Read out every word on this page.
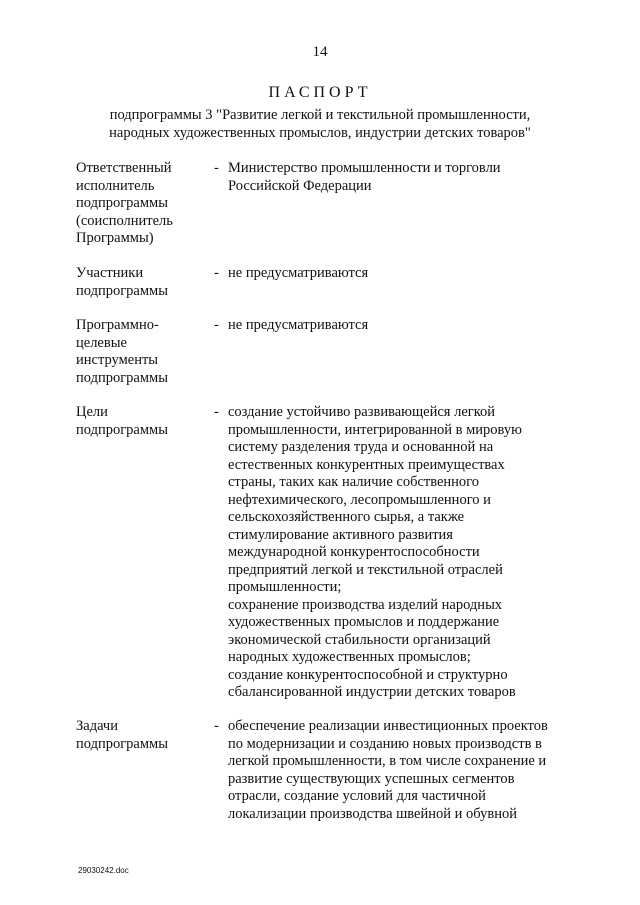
14
ПАСПОРТ
подпрограммы 3 "Развитие легкой и текстильной промышленности,
народных художественных промыслов, индустрии детских товаров"
Ответственный
исполнитель
подпрограммы
(соисполнитель
Программы)
- Министерство промышленности и торговли
Российской Федерации
Участники
подпрограммы
- не предусматриваются
Программно-
целевые
инструменты
подпрограммы
- не предусматриваются
Цели
подпрограммы
- создание устойчиво развивающейся легкой
промышленности, интегрированной в мировую
систему разделения труда и основанной на
естественных конкурентных преимуществах
страны, таких как наличие собственного
нефтехимического, лесопромышленного и
сельскохозяйственного сырья, а также
стимулирование активного развития
международной конкурентоспособности
предприятий легкой и текстильной отраслей
промышленности;
сохранение производства изделий народных
художественных промыслов и поддержание
экономической стабильности организаций
народных художественных промыслов;
создание конкурентоспособной и структурно
сбалансированной индустрии детских товаров
Задачи
подпрограммы
- обеспечение реализации инвестиционных проектов
по модернизации и созданию новых производств в
легкой промышленности, в том числе сохранение и
развитие существующих успешных сегментов
отрасли, создание условий для частичной
локализации производства швейной и обувной
29030242.doc
